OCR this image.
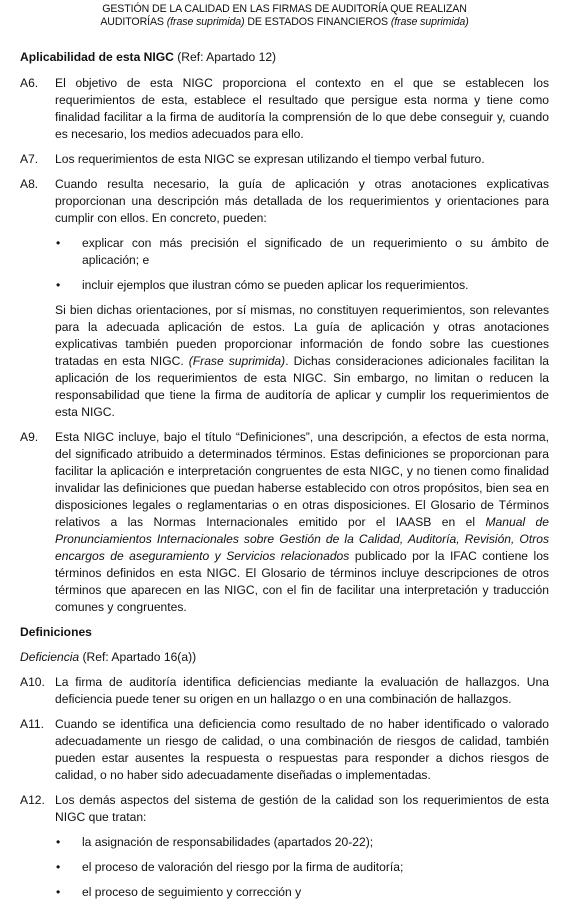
GESTIÓN DE LA CALIDAD EN LAS FIRMAS DE AUDITORÍA QUE REALIZAN
AUDITORÍAS (frase suprimida) DE ESTADOS FINANCIEROS (frase suprimida)
Aplicabilidad de esta NIGC (Ref: Apartado 12)
A6.	El objetivo de esta NIGC proporciona el contexto en el que se establecen los requerimientos de esta, establece el resultado que persigue esta norma y tiene como finalidad facilitar a la firma de auditoría la comprensión de lo que debe conseguir y, cuando es necesario, los medios adecuados para ello.

A7.	Los requerimientos de esta NIGC se expresan utilizando el tiempo verbal futuro.

A8.	Cuando resulta necesario, la guía de aplicación y otras anotaciones explicativas proporcionan una descripción más detallada de los requerimientos y orientaciones para cumplir con ellos. En concreto, pueden:

•	explicar con más precisión el significado de un requerimiento o su ámbito de aplicación; e
•	incluir ejemplos que ilustran cómo se pueden aplicar los requerimientos.

Si bien dichas orientaciones, por sí mismas, no constituyen requerimientos, son relevantes para la adecuada aplicación de estos. La guía de aplicación y otras anotaciones explicativas también pueden proporcionar información de fondo sobre las cuestiones tratadas en esta NIGC. (Frase suprimida). Dichas consideraciones adicionales facilitan la aplicación de los requerimientos de esta NIGC. Sin embargo, no limitan o reducen la responsabilidad que tiene la firma de auditoría de aplicar y cumplir los requerimientos de esta NIGC.

A9.	Esta NIGC incluye, bajo el título “Definiciones”, una descripción, a efectos de esta norma, del significado atribuido a determinados términos. Estas definiciones se proporcionan para facilitar la aplicación e interpretación congruentes de esta NIGC, y no tienen como finalidad invalidar las definiciones que puedan haberse establecido con otros propósitos, bien sea en disposiciones legales o reglamentarias o en otras disposiciones. El Glosario de Términos relativos a las Normas Internacionales emitido por el IAASB en el Manual de Pronunciamientos Internacionales sobre Gestión de la Calidad, Auditoría, Revisión, Otros encargos de aseguramiento y Servicios relacionados publicado por la IFAC contiene los términos definidos en esta NIGC. El Glosario de términos incluye descripciones de otros términos que aparecen en las NIGC, con el fin de facilitar una interpretación y traducción comunes y congruentes.

Definiciones
Deficiencia (Ref: Apartado 16(a))
A10. La firma de auditoría identifica deficiencias mediante la evaluación de hallazgos. Una deficiencia puede tener su origen en un hallazgo o en una combinación de hallazgos.

A11. Cuando se identifica una deficiencia como resultado de no haber identificado o valorado adecuadamente un riesgo de calidad, o una combinación de riesgos de calidad, también pueden estar ausentes la respuesta o respuestas para responder a dichos riesgos de calidad, o no haber sido adecuadamente diseñadas o implementadas.

A12. Los demás aspectos del sistema de gestión de la calidad son los requerimientos de esta NIGC que tratan:

•	la asignación de responsabilidades (apartados 20-22);
•	el proceso de valoración del riesgo por la firma de auditoría;
•	el proceso de seguimiento y corrección y
